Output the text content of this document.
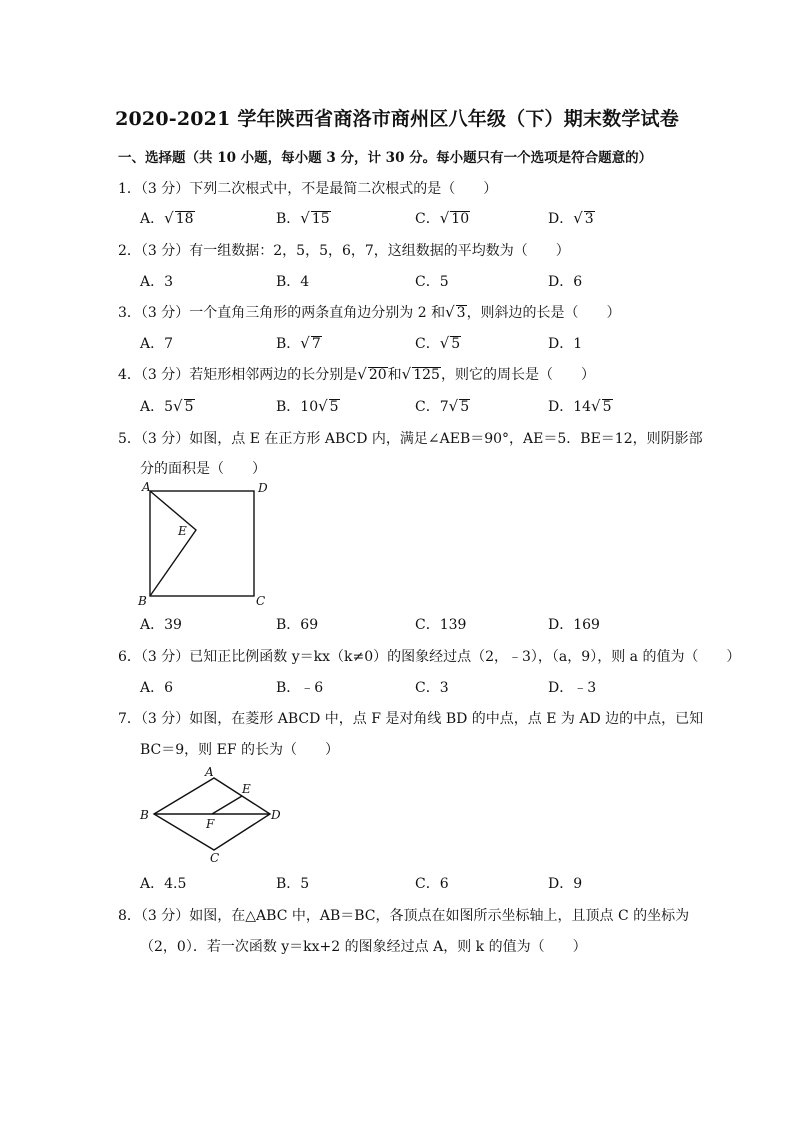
2020-2021 学年陕西省商洛市商州区八年级（下）期末数学试卷
一、选择题（共 10 小题，每小题 3 分，计 30 分。每小题只有一个选项是符合题意的）
1．（3 分）下列二次根式中，不是最简二次根式的是（　　）
A．√ 18	B．√ 15	C．√ 10	D．√ 3
2．（3 分）有一组数据：2，5，5，6，7，这组数据的平均数为（　　）
A．3	B．4	C．5	D．6
3．（3 分）一个直角三角形的两条直角边分别为 2 和√ 3，则斜边的长是（　　）
A．7	B．√ 7	C．√ 5	D．1
4．（3 分）若矩形相邻两边的长分别是√ 20和√ 125，则它的周长是（　　）
A．5√ 5	B．10√ 5	C．7√ 5	D．14√ 5
5．（3 分）如图，点 E 在正方形 ABCD 内，满足∠AEB＝90°，AE＝5．BE＝12，则阴影部
分的面积是（　　）
A	D
B	C
E
A．39	B．69	C．139	D．169
6．（3 分）已知正比例函数 y＝kx（k≠0）的图象经过点（2，﹣3），（a，9），则 a 的值为（　　）
A．6	B．﹣6	C．3	D．﹣3
7．（3 分）如图，在菱形 ABCD 中，点 F 是对角线 BD 的中点，点 E 为 AD 边的中点，已知
BC＝9，则 EF 的长为（　　）
A
B	D
C
E
F
A．4.5	B．5	C．6	D．9
8．（3 分）如图，在△ABC 中，AB＝BC，各顶点在如图所示坐标轴上，且顶点 C 的坐标为
（2，0）．若一次函数 y＝kx+2 的图象经过点 A，则 k 的值为（　　）
